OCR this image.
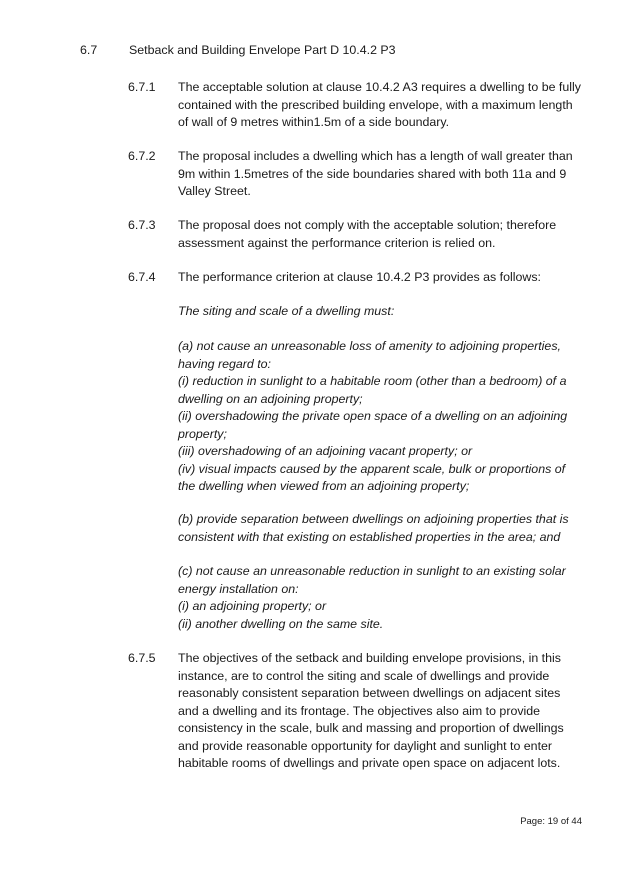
6.7	Setback and Building Envelope Part D 10.4.2 P3
6.7.1	The acceptable solution at clause 10.4.2 A3 requires a dwelling to be fully contained with the prescribed building envelope, with a maximum length of wall of 9 metres within1.5m of a side boundary.
6.7.2	The proposal includes a dwelling which has a length of wall greater than 9m within 1.5metres of the side boundaries shared with both 11a and 9 Valley Street.
6.7.3	The proposal does not comply with the acceptable solution; therefore assessment against the performance criterion is relied on.
6.7.4	The performance criterion at clause 10.4.2 P3 provides as follows:

The siting and scale of a dwelling must:

(a) not cause an unreasonable loss of amenity to adjoining properties, having regard to:

(i) reduction in sunlight to a habitable room (other than a bedroom) of a dwelling on an adjoining property;

(ii) overshadowing the private open space of a dwelling on an adjoining property;

(iii) overshadowing of an adjoining vacant property; or

(iv) visual impacts caused by the apparent scale, bulk or proportions of the dwelling when viewed from an adjoining property;

(b) provide separation between dwellings on adjoining properties that is consistent with that existing on established properties in the area; and

(c) not cause an unreasonable reduction in sunlight to an existing solar energy installation on:

(i) an adjoining property; or

(ii) another dwelling on the same site.

6.7.5	The objectives of the setback and building envelope provisions, in this instance, are to control the siting and scale of dwellings and provide reasonably consistent separation between dwellings on adjacent sites and a dwelling and its frontage. The objectives also aim to provide consistency in the scale, bulk and massing and proportion of dwellings and provide reasonable opportunity for daylight and sunlight to enter habitable rooms of dwellings and private open space on adjacent lots.
Page: 19 of 44
